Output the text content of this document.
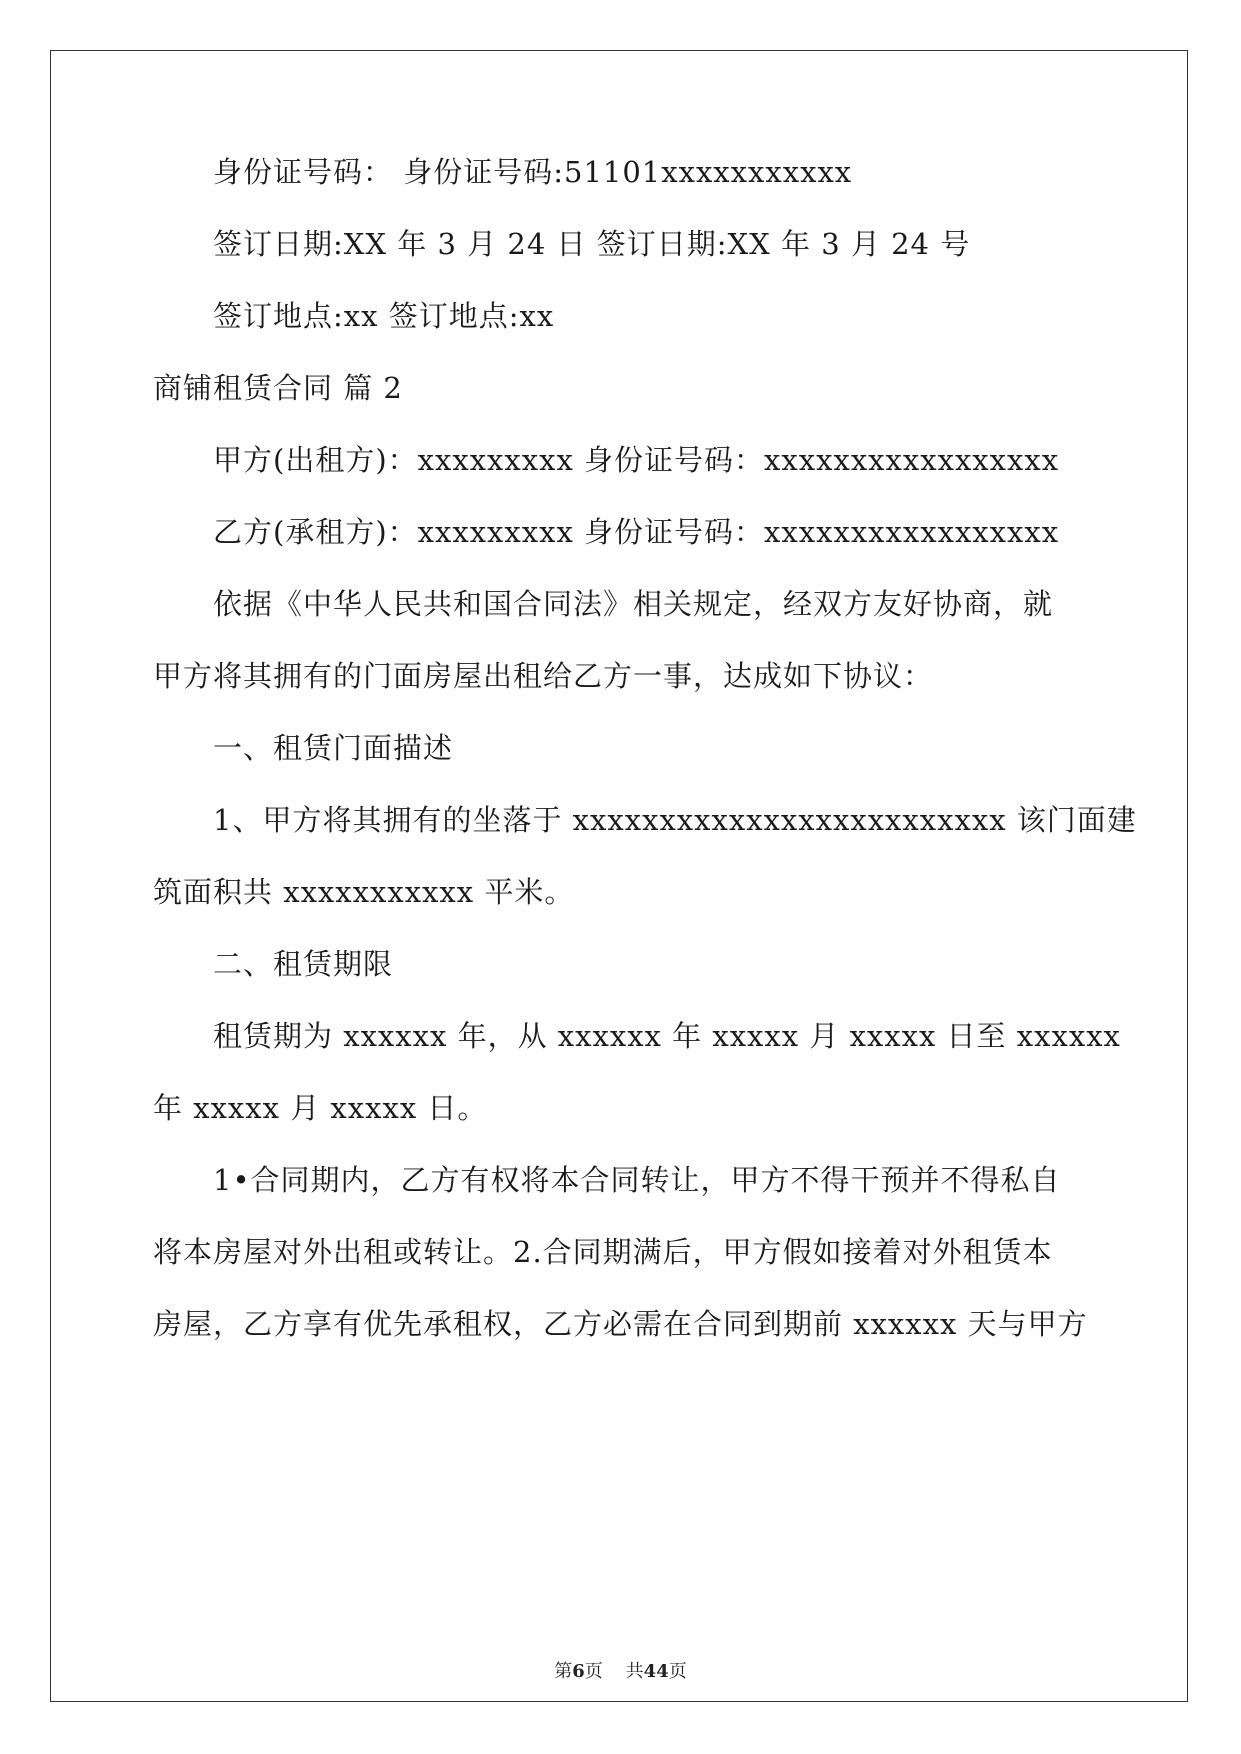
身份证号码： 身份证号码:51101xxxxxxxxxxx
签订日期:XX 年 3 月 24 日 签订日期:XX 年 3 月 24 号
签订地点:xx 签订地点:xx
商铺租赁合同 篇 2
甲方(出租方)：xxxxxxxxx 身份证号码：xxxxxxxxxxxxxxxxx
乙方(承租方)：xxxxxxxxx 身份证号码：xxxxxxxxxxxxxxxxx
依据《中华人民共和国合同法》相关规定，经双方友好协商，就
甲方将其拥有的门面房屋出租给乙方一事，达成如下协议：
一、租赁门面描述
1、甲方将其拥有的坐落于 xxxxxxxxxxxxxxxxxxxxxxxxx 该门面建
筑面积共 xxxxxxxxxxx 平米。
二、租赁期限
租赁期为 xxxxxx 年，从 xxxxxx 年 xxxxx 月 xxxxx 日至 xxxxxx
年 xxxxx 月 xxxxx 日。
1•合同期内，乙方有权将本合同转让，甲方不得干预并不得私自
将本房屋对外出租或转让。2.合同期满后，甲方假如接着对外租赁本
房屋，乙方享有优先承租权，乙方必需在合同到期前 xxxxxx 天与甲方
第6页 共44页
